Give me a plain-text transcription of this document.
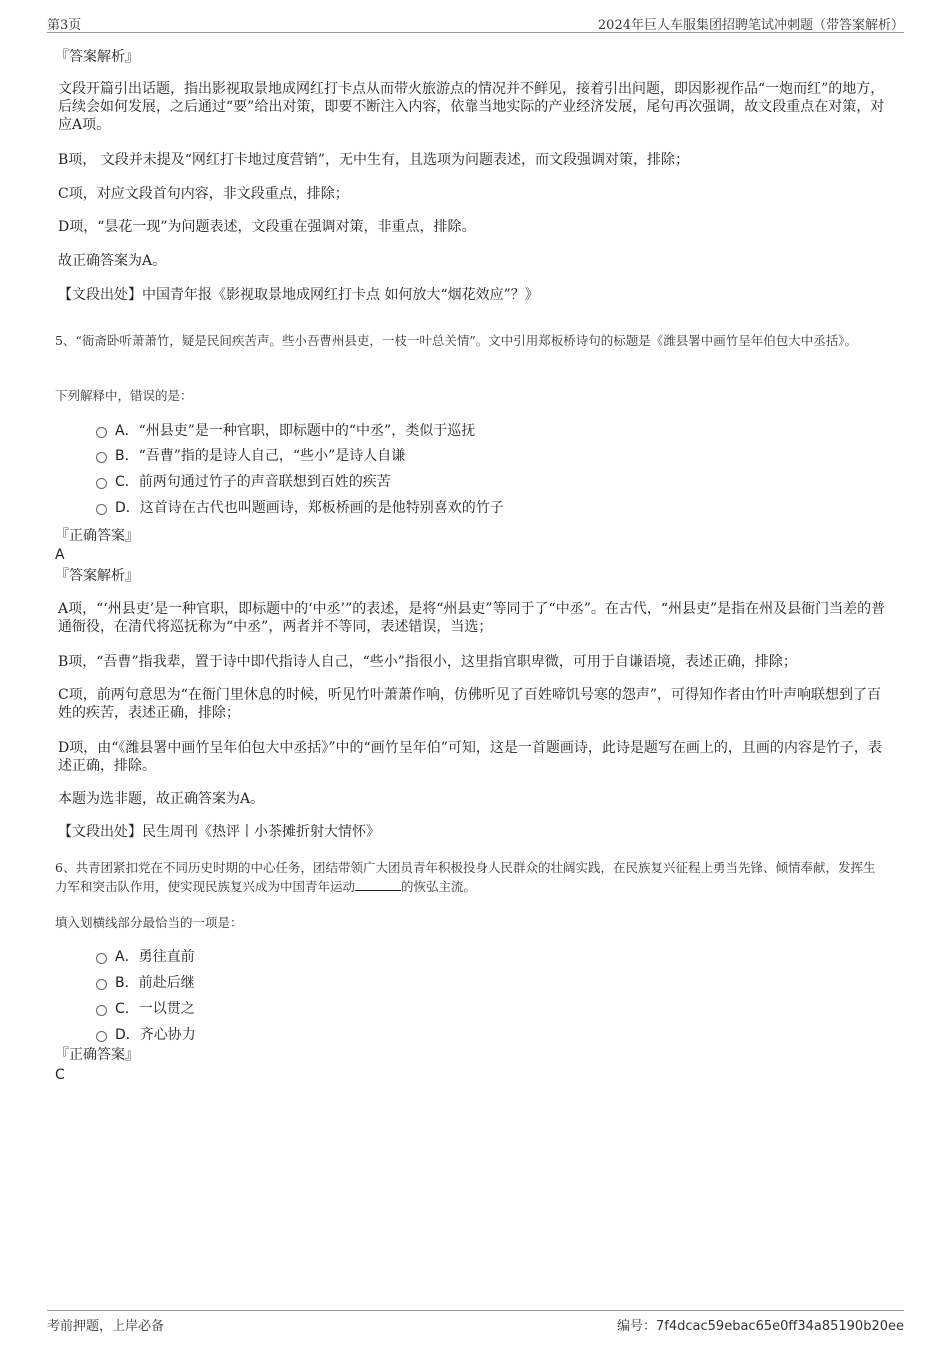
第3页	2024年巨人车服集团招聘笔试冲刺题（带答案解析）
『答案解析』
文段开篇引出话题，指出影视取景地成网红打卡点从而带火旅游点的情况并不鲜见，接着引出问题，即因影视作品“一炮而红”的地方，后续会如何发展，之后通过“要”给出对策，即要不断注入内容，依靠当地实际的产业经济发展，尾句再次强调，故文段重点在对策，对应A项。
B项， 文段并未提及“网红打卡地过度营销”，无中生有，且选项为问题表述，而文段强调对策，排除；
C项，对应文段首句内容，非文段重点，排除；
D项，“昙花一现”为问题表述，文段重在强调对策，非重点，排除。
故正确答案为A。
【文段出处】中国青年报《影视取景地成网红打卡点 如何放大“烟花效应”？》
5、“衙斋卧听萧萧竹，疑是民间疾苦声。些小吾曹州县吏，一枝一叶总关情”。文中引用郑板桥诗句的标题是《潍县署中画竹呈年伯包大中丞括》。
下列解释中，错误的是：
A．“州县吏”是一种官职，即标题中的“中丞”，类似于巡抚
B．“吾曹”指的是诗人自己，“些小”是诗人自谦
C．前两句通过竹子的声音联想到百姓的疾苦
D．这首诗在古代也叫题画诗，郑板桥画的是他特别喜欢的竹子
『正确答案』
A
『答案解析』
A项，“‘州县吏’是一种官职，即标题中的‘中丞’”的表述，是将“州县吏”等同于了“中丞”。在古代，“州县吏”是指在州及县衙门当差的普通衙役，在清代将巡抚称为“中丞”，两者并不等同，表述错误，当选；
B项，“吾曹”指我辈，置于诗中即代指诗人自己，“些小”指很小，这里指官职卑微，可用于自谦语境，表述正确，排除；
C项，前两句意思为“在衙门里休息的时候，听见竹叶萧萧作响，仿佛听见了百姓啼饥号寒的怨声”，可得知作者由竹叶声响联想到了百姓的疾苦，表述正确，排除；
D项，由“《潍县署中画竹呈年伯包大中丞括》”中的“画竹呈年伯”可知，这是一首题画诗，此诗是题写在画上的，且画的内容是竹子，表述正确，排除。
本题为选非题，故正确答案为A。
【文段出处】民生周刊《热评丨小茶摊折射大情怀》
6、共青团紧扣党在不同历史时期的中心任务，团结带领广大团员青年积极投身人民群众的壮阔实践，在民族复兴征程上勇当先锋、倾情奉献，发挥生力军和突击队作用，使实现民族复兴成为中国青年运动	的恢弘主流。
填入划横线部分最恰当的一项是：
A．勇往直前
B．前赴后继
C．一以贯之
D．齐心协力
『正确答案』
C
考前押题，上岸必备	编号：7f4dcac59ebac65e0ff34a85190b20ee
